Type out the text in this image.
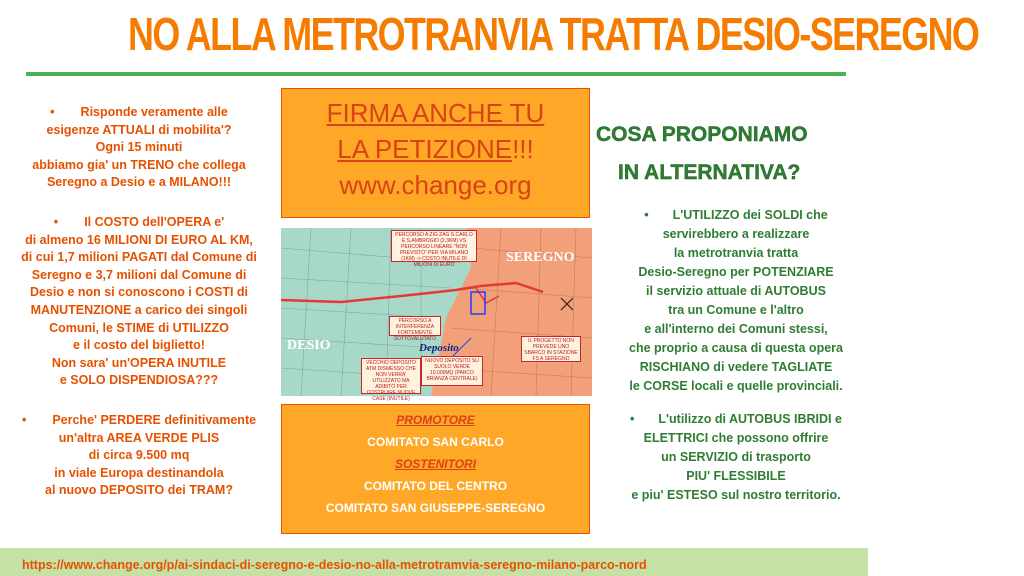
NO ALLA METROTRANVIA TRATTA DESIO-SEREGNO
• Risponde veramente alle
esigenze ATTUALI di mobilita'?
Ogni 15 minuti
abbiamo gia' un TRENO che collega
Seregno a Desio e a MILANO!!!
• Il COSTO dell'OPERA e'
di almeno 16 MILIONI DI EURO AL KM,
di cui 1,7 milioni PAGATI dal Comune di
Seregno e 3,7 milioni dal Comune di
Desio e non si conoscono i COSTI di
MANUTENZIONE a carico dei singoli
Comuni, le STIME di UTILIZZO
e il costo del biglietto!
Non sara' un'OPERA INUTILE
e SOLO DISPENDIOSA???
• Perche' PERDERE definitivamente
un'altra AREA VERDE PLIS
di circa 9.500 mq
in viale Europa destinandola
al nuovo DEPOSITO dei TRAM?
FIRMA ANCHE TU
LA PETIZIONE!!!
www.change.org
SEREGNO
DESIO	Deposito
PERCORSO A ZIG ZAG S.CARLO E S.AMBROGIO (2.3KM) VS PERCORSO LINEARE "NON PREVISTO" PER VIA MILANO (1KM) -> COSTO INUTILE DI MILIONI DI EURO
PERCORSO A INTERFERENZA FORTEMENTE SOTTOVALUTATO	IL PROGETTO NON PREVEDE UNO SBARCO IN STAZIONE FS A SEREGNO
VECCHIO DEPOSITO ATM DISMESSO CHE NON VERRA' UTILIZZATO MA ADIBITO PER COSTRUIRE NUOVE CASE (INUTILE)
NUOVO DEPOSITO SU SUOLO VERDE 10.000MQ (PARCO BRIANZA CENTRALE)
PROMOTORE
COMITATO SAN CARLO
SOSTENITORI
COMITATO DEL CENTRO
COMITATO SAN GIUSEPPE-SEREGNO
COSA PROPONIAMO
IN ALTERNATIVA?
• L'UTILIZZO dei SOLDI che
servirebbero a realizzare
la metrotranvia tratta
Desio-Seregno per POTENZIARE
il servizio attuale di AUTOBUS
tra un Comune e l'altro
e all'interno dei Comuni stessi,
che proprio a causa di questa opera
RISCHIANO di vedere TAGLIATE
le CORSE locali e quelle provinciali.
• L'utilizzo di AUTOBUS IBRIDI e
ELETTRICI che possono offrire
un SERVIZIO di trasporto
PIU' FLESSIBILE
e piu' ESTESO sul nostro territorio.
https://www.change.org/p/ai-sindaci-di-seregno-e-desio-no-alla-metrotramvia-seregno-milano-parco-nord
